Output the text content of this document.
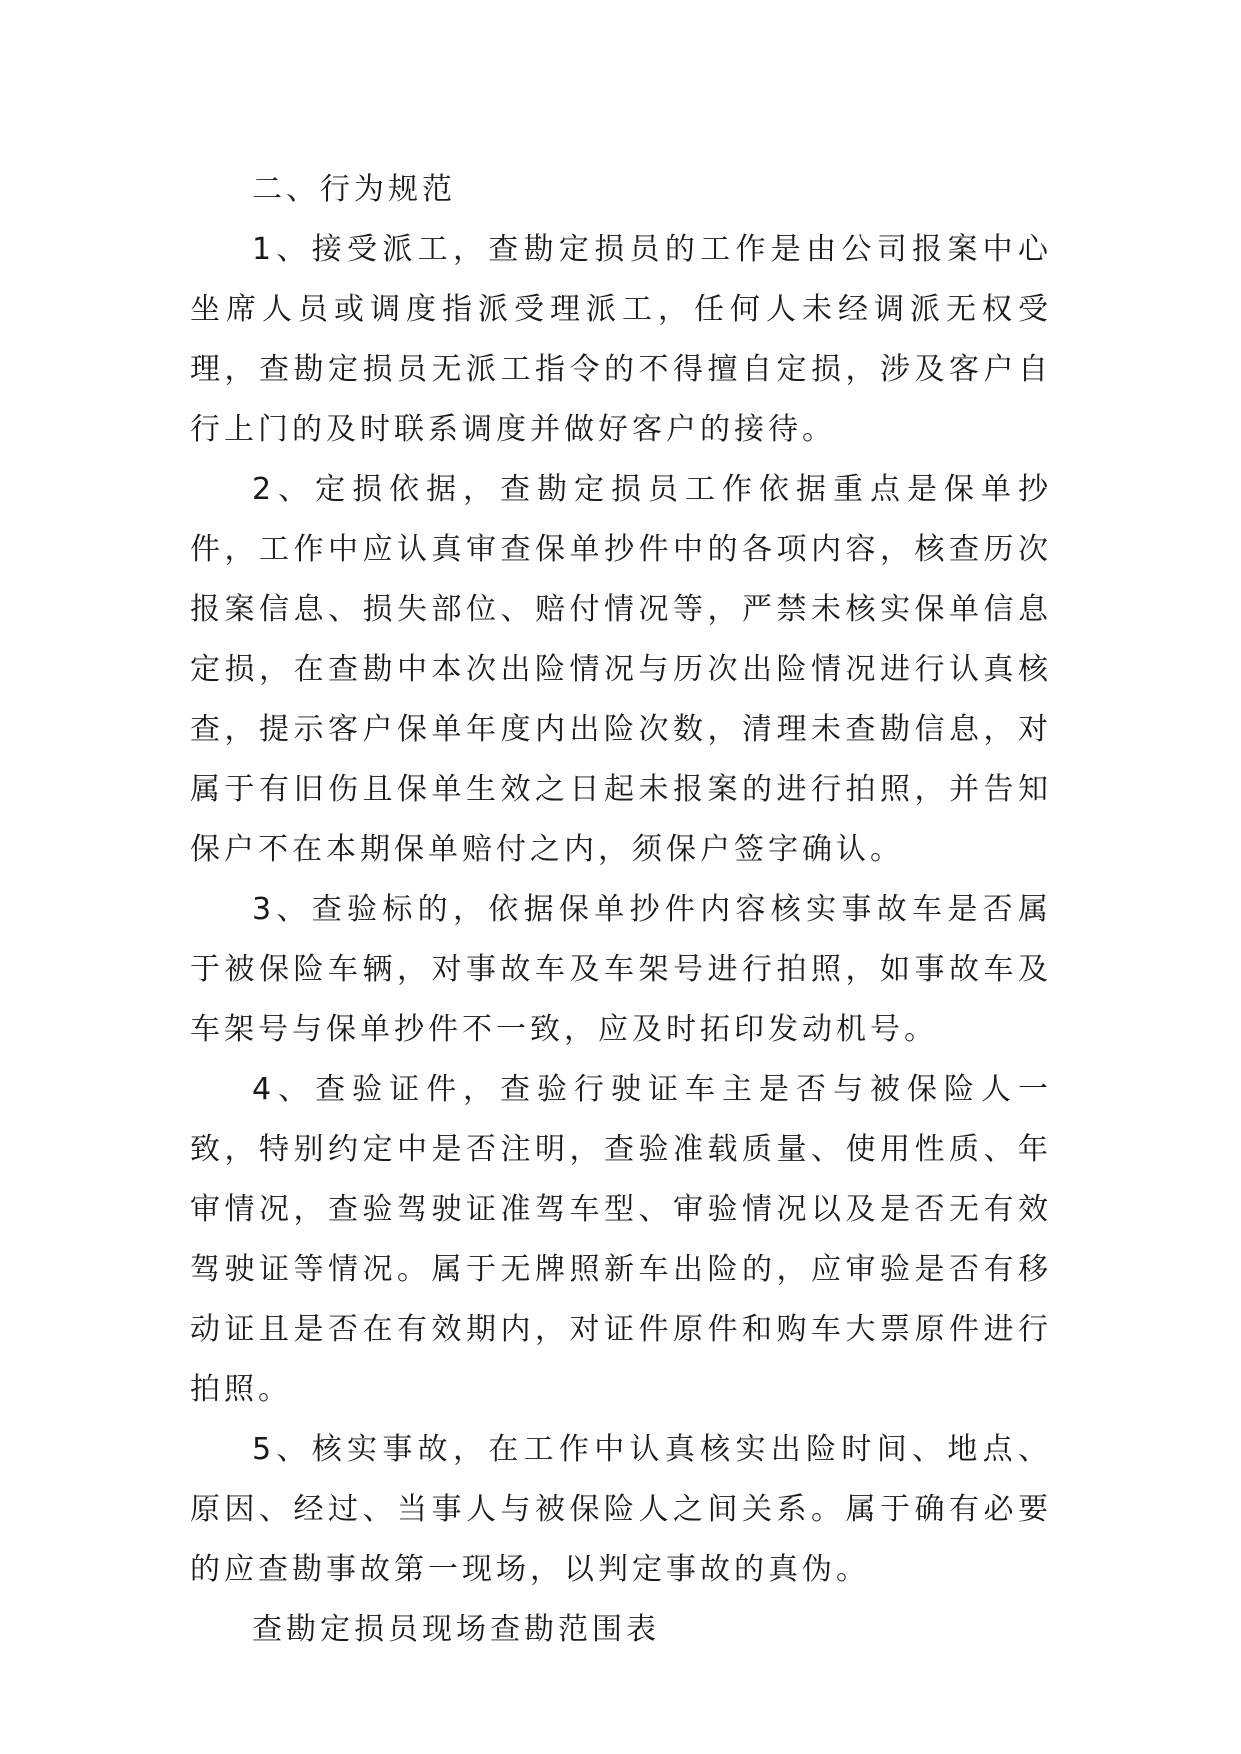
二、行为规范

1、接受派工，查勘定损员的工作是由公司报案中心坐席人员或调度指派受理派工，任何人未经调派无权受理，查勘定损员无派工指令的不得擅自定损，涉及客户自行上门的及时联系调度并做好客户的接待。

2、定损依据，查勘定损员工作依据重点是保单抄件，工作中应认真审查保单抄件中的各项内容，核查历次报案信息、损失部位、赔付情况等，严禁未核实保单信息定损，在查勘中本次出险情况与历次出险情况进行认真核查，提示客户保单年度内出险次数，清理未查勘信息，对属于有旧伤且保单生效之日起未报案的进行拍照，并告知保户不在本期保单赔付之内，须保户签字确认。

3、查验标的，依据保单抄件内容核实事故车是否属于被保险车辆，对事故车及车架号进行拍照，如事故车及车架号与保单抄件不一致，应及时拓印发动机号。

4、查验证件，查验行驶证车主是否与被保险人一致，特别约定中是否注明，查验准载质量、使用性质、年审情况，查验驾驶证准驾车型、审验情况以及是否无有效驾驶证等情况。属于无牌照新车出险的，应审验是否有移动证且是否在有效期内，对证件原件和购车大票原件进行拍照。

5、核实事故，在工作中认真核实出险时间、地点、原因、经过、当事人与被保险人之间关系。属于确有必要的应查勘事故第一现场，以判定事故的真伪。

查勘定损员现场查勘范围表
